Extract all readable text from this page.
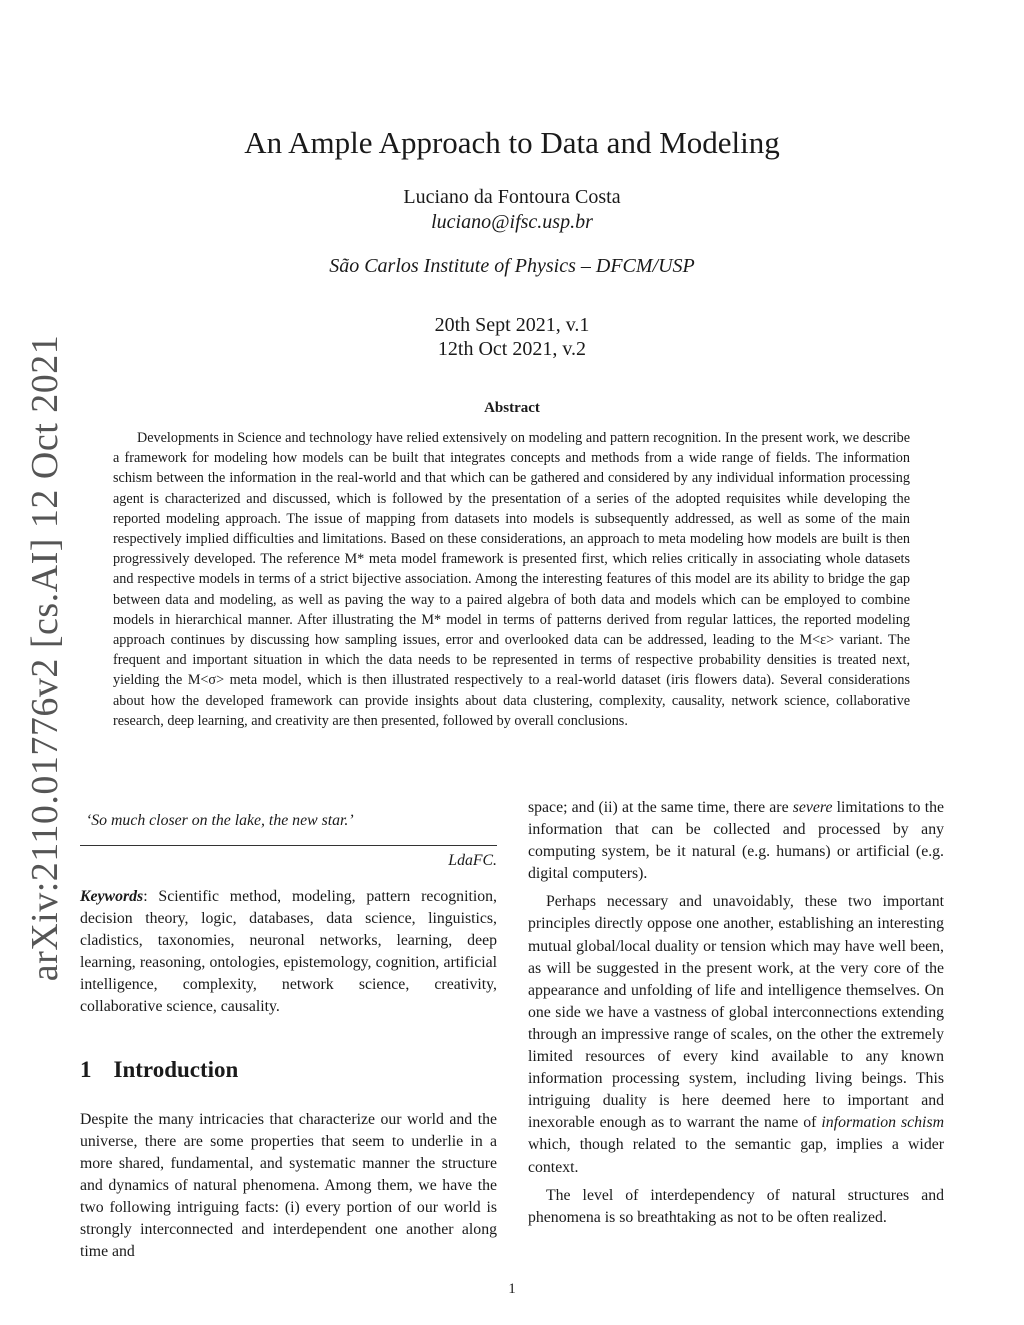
arXiv:2110.01776v2 [cs.AI] 12 Oct 2021
An Ample Approach to Data and Modeling
Luciano da Fontoura Costa
luciano@ifsc.usp.br
São Carlos Institute of Physics – DFCM/USP
20th Sept 2021, v.1
12th Oct 2021, v.2
Abstract

Developments in Science and technology have relied extensively on modeling and pattern recognition. In the present work, we describe a framework for modeling how models can be built that integrates concepts and methods from a wide range of fields. The information schism between the information in the real-world and that which can be gathered and considered by any individual information processing agent is characterized and discussed, which is followed by the presentation of a series of the adopted requisites while developing the reported modeling approach. The issue of mapping from datasets into models is subsequently addressed, as well as some of the main respectively implied difficulties and limitations. Based on these considerations, an approach to meta modeling how models are built is then progressively developed. The reference M* meta model framework is presented first, which relies critically in associating whole datasets and respective models in terms of a strict bijective association. Among the interesting features of this model are its ability to bridge the gap between data and modeling, as well as paving the way to a paired algebra of both data and models which can be employed to combine models in hierarchical manner. After illustrating the M* model in terms of patterns derived from regular lattices, the reported modeling approach continues by discussing how sampling issues, error and overlooked data can be addressed, leading to the M<ε> variant. The frequent and important situation in which the data needs to be represented in terms of respective probability densities is treated next, yielding the M<σ> meta model, which is then illustrated respectively to a real-world dataset (iris flowers data). Several considerations about how the developed framework can provide insights about data clustering, complexity, causality, network science, collaborative research, deep learning, and creativity are then presented, followed by overall conclusions.

‘So much closer on the lake, the new star.’

LdaFC.

Keywords: Scientific method, modeling, pattern recognition, decision theory, logic, databases, data science, linguistics, cladistics, taxonomies, neuronal networks, learning, deep learning, reasoning, ontologies, epistemology, cognition, artificial intelligence, complexity, network science, creativity, collaborative science, causality.

1 Introduction

Despite the many intricacies that characterize our world and the universe, there are some properties that seem to underlie in a more shared, fundamental, and systematic manner the structure and dynamics of natural phenomena. Among them, we have the two following intriguing facts: (i) every portion of our world is strongly interconnected and interdependent one another along time and

space; and (ii) at the same time, there are severe limitations to the information that can be collected and processed by any computing system, be it natural (e.g. humans) or artificial (e.g. digital computers).

Perhaps necessary and unavoidably, these two important principles directly oppose one another, establishing an interesting mutual global/local duality or tension which may have well been, as will be suggested in the present work, at the very core of the appearance and unfolding of life and intelligence themselves. On one side we have a vastness of global interconnections extending through an impressive range of scales, on the other the extremely limited resources of every kind available to any known information processing system, including living beings. This intriguing duality is here deemed here to important and inexorable enough as to warrant the name of information schism which, though related to the semantic gap, implies a wider context.

The level of interdependency of natural structures and phenomena is so breathtaking as not to be often realized.

1
